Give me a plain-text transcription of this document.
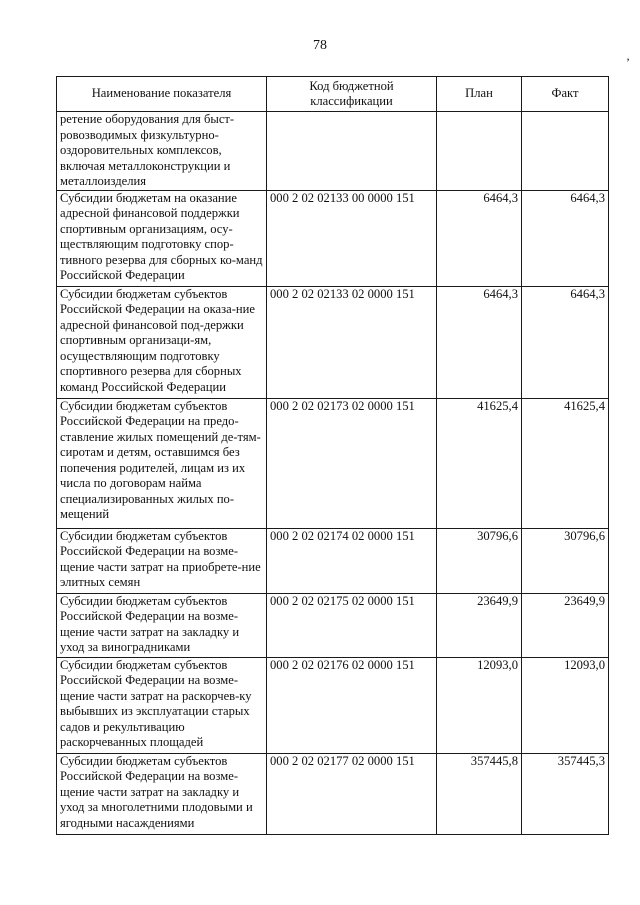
78
’
Наименование показателя	Код бюджетной классификации	План	Факт
ретение оборудования для быст-ровозводимых физкультурно-оздоровительных комплексов, включая металлоконструкции и металлоизделия			
Субсидии бюджетам на оказание адресной финансовой поддержки спортивным организациям, осу-ществляющим подготовку спор-тивного резерва для сборных ко-манд Российской Федерации	000 2 02 02133 00 0000 151	6464,3	6464,3
Субсидии бюджетам субъектов Российской Федерации на оказа-ние адресной финансовой под-держки спортивным организаци-ям, осуществляющим подготовку спортивного резерва для сборных команд Российской Федерации	000 2 02 02133 02 0000 151	6464,3	6464,3
Субсидии бюджетам субъектов Российской Федерации на предо-ставление жилых помещений де-тям-сиротам и детям, оставшимся без попечения родителей, лицам из их числа по договорам найма специализированных жилых по-мещений	000 2 02 02173 02 0000 151	41625,4	41625,4
Субсидии бюджетам субъектов Российской Федерации на возме-щение части затрат на приобрете-ние элитных семян	000 2 02 02174 02 0000 151	30796,6	30796,6
Субсидии бюджетам субъектов Российской Федерации на возме-щение части затрат на закладку и уход за виноградниками	000 2 02 02175 02 0000 151	23649,9	23649,9
Субсидии бюджетам субъектов Российской Федерации на возме-щение части затрат на раскорчев-ку выбывших из эксплуатации старых садов и рекультивацию раскорчеванных площадей	000 2 02 02176 02 0000 151	12093,0	12093,0
Субсидии бюджетам субъектов Российской Федерации на возме-щение части затрат на закладку и уход за многолетними плодовыми и ягодными насаждениями	000 2 02 02177 02 0000 151	357445,8	357445,3
